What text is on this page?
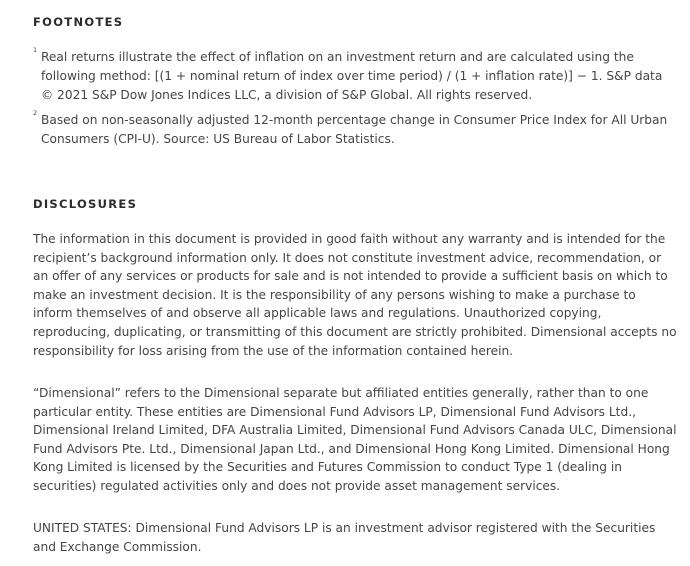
FOOTNOTES
1 Real returns illustrate the effect of inflation on an investment return and are calculated using the following method: [(1 + nominal return of index over time period) / (1 + inflation rate)] − 1. S&P data © 2021 S&P Dow Jones Indices LLC, a division of S&P Global. All rights reserved.
2 Based on non-seasonally adjusted 12-month percentage change in Consumer Price Index for All Urban Consumers (CPI-U). Source: US Bureau of Labor Statistics.
DISCLOSURES

The information in this document is provided in good faith without any warranty and is intended for the recipient’s background information only. It does not constitute investment advice, recommendation, or an offer of any services or products for sale and is not intended to provide a sufficient basis on which to make an investment decision. It is the responsibility of any persons wishing to make a purchase to inform themselves of and observe all applicable laws and regulations. Unauthorized copying, reproducing, duplicating, or transmitting of this document are strictly prohibited. Dimensional accepts no responsibility for loss arising from the use of the information contained herein.

“Dimensional” refers to the Dimensional separate but affiliated entities generally, rather than to one particular entity. These entities are Dimensional Fund Advisors LP, Dimensional Fund Advisors Ltd., Dimensional Ireland Limited, DFA Australia Limited, Dimensional Fund Advisors Canada ULC, Dimensional Fund Advisors Pte. Ltd., Dimensional Japan Ltd., and Dimensional Hong Kong Limited. Dimensional Hong Kong Limited is licensed by the Securities and Futures Commission to conduct Type 1 (dealing in securities) regulated activities only and does not provide asset management services.

UNITED STATES: Dimensional Fund Advisors LP is an investment advisor registered with the Securities and Exchange Commission.
